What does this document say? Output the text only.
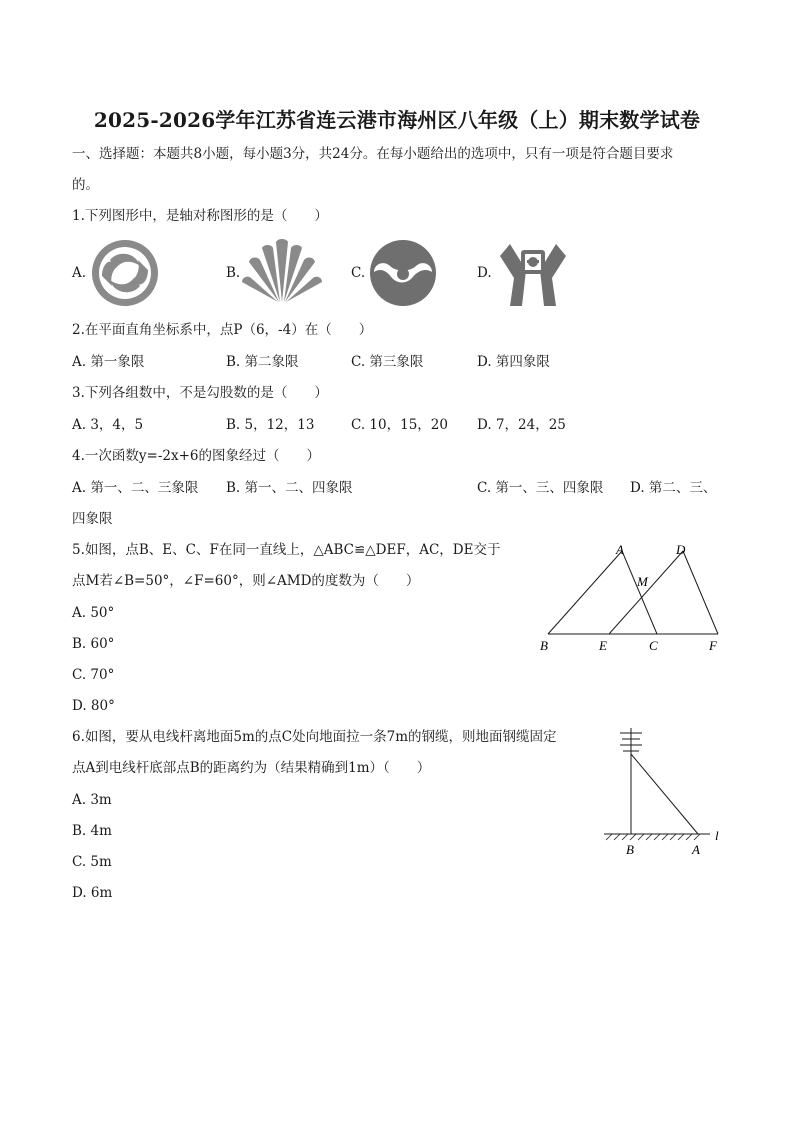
2025-2026学年江苏省连云港市海州区八年级（上）期末数学试卷
一、选择题：本题共8小题，每小题3分，共24分。在每小题给出的选项中，只有一项是符合题目要求
的。
1.下列图形中，是轴对称图形的是（　　）
A.	B.	C.	D.
2.在平面直角坐标系中，点P（6，-4）在（　　）
A. 第一象限	B. 第二象限	C. 第三象限	D. 第四象限
3.下列各组数中，不是勾股数的是（　　）
A. 3，4，5	B. 5，12，13	C. 10，15，20 D. 7，24，25
4.一次函数y=-2x+6的图象经过（　　）
A. 第一、二、三象限 B. 第一、二、四象限	C. 第一、三、四象限 D. 第二、三、
四象限
5.如图，点B、E、C、F在同一直线上，△ABC≌△DEF，AC，DE交于
点M若∠B=50°，∠F=60°，则∠AMD的度数为（　　）
A. 50°
B. 60°
C. 70°
D. 80°
A	D
M
B	E	C	F
6.如图，要从电线杆离地面5m的点C处向地面拉一条7m的钢缆，则地面钢缆固定
点A到电线杆底部点B的距离约为（结果精确到1m）（　　）
A. 3m
B. 4m
C. 5m
D. 6m
B	A
l
